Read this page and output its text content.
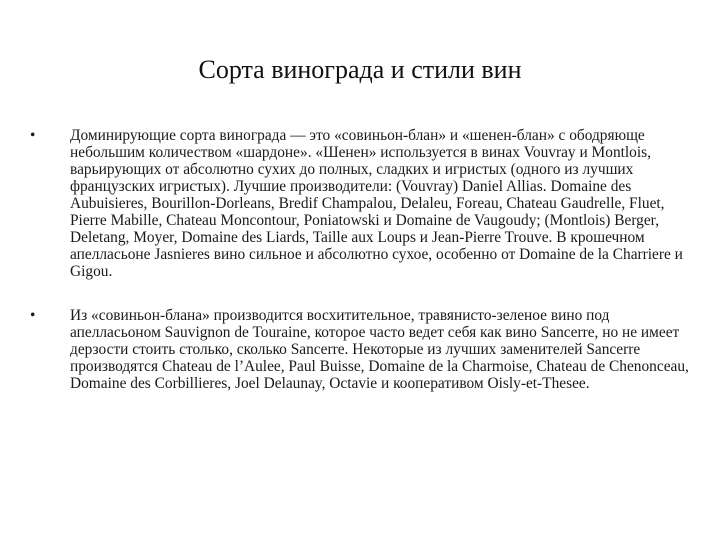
Сорта винограда и стили вин
•	Доминирующие сорта винограда — это «совиньон-блан» и «шенен-блан» с ободряюще небольшим количеством «шардоне». «Шенен» используется в винах Vouvray и Montlois, варьирующих от абсолютно сухих до полных, сладких и игристых (одного из лучших французских игристых). Лучшие производители: (Vouvray) Daniel Allias. Domaine des Aubuisieres, Bourillon-Dorleans, Bredif Champalou, Delaleu, Foreau, Chateau Gaudrelle, Fluet, Pierre Mabille, Chateau Moncontour, Poniatowski и Domaine de Vaugoudy; (Montlois) Berger, Deletang, Moyer, Domaine des Liards, Taille aux Loups и Jean-Pierre Trouve. В крошечном апелласьоне Jasnieres вино сильное и абсолютно сухое, особенно от Domaine de la Charriere и Gigou.
•	Из «совиньон-блана» производится восхитительное, травянисто-зеленое вино под апелласьоном Sauvignon de Touraine, которое часто ведет себя как вино Sancerre, но не имеет дерзости стоить столько, сколько Sancerre. Некоторые из лучших заменителей Sancerre производятся Chateau de l’Aulee, Paul Buisse, Domaine de la Charmoise, Chateau de Chenonceau, Domaine des Corbillieres, Joel Delaunay, Octavie и кооперативом Oisly-et-Thesee.
